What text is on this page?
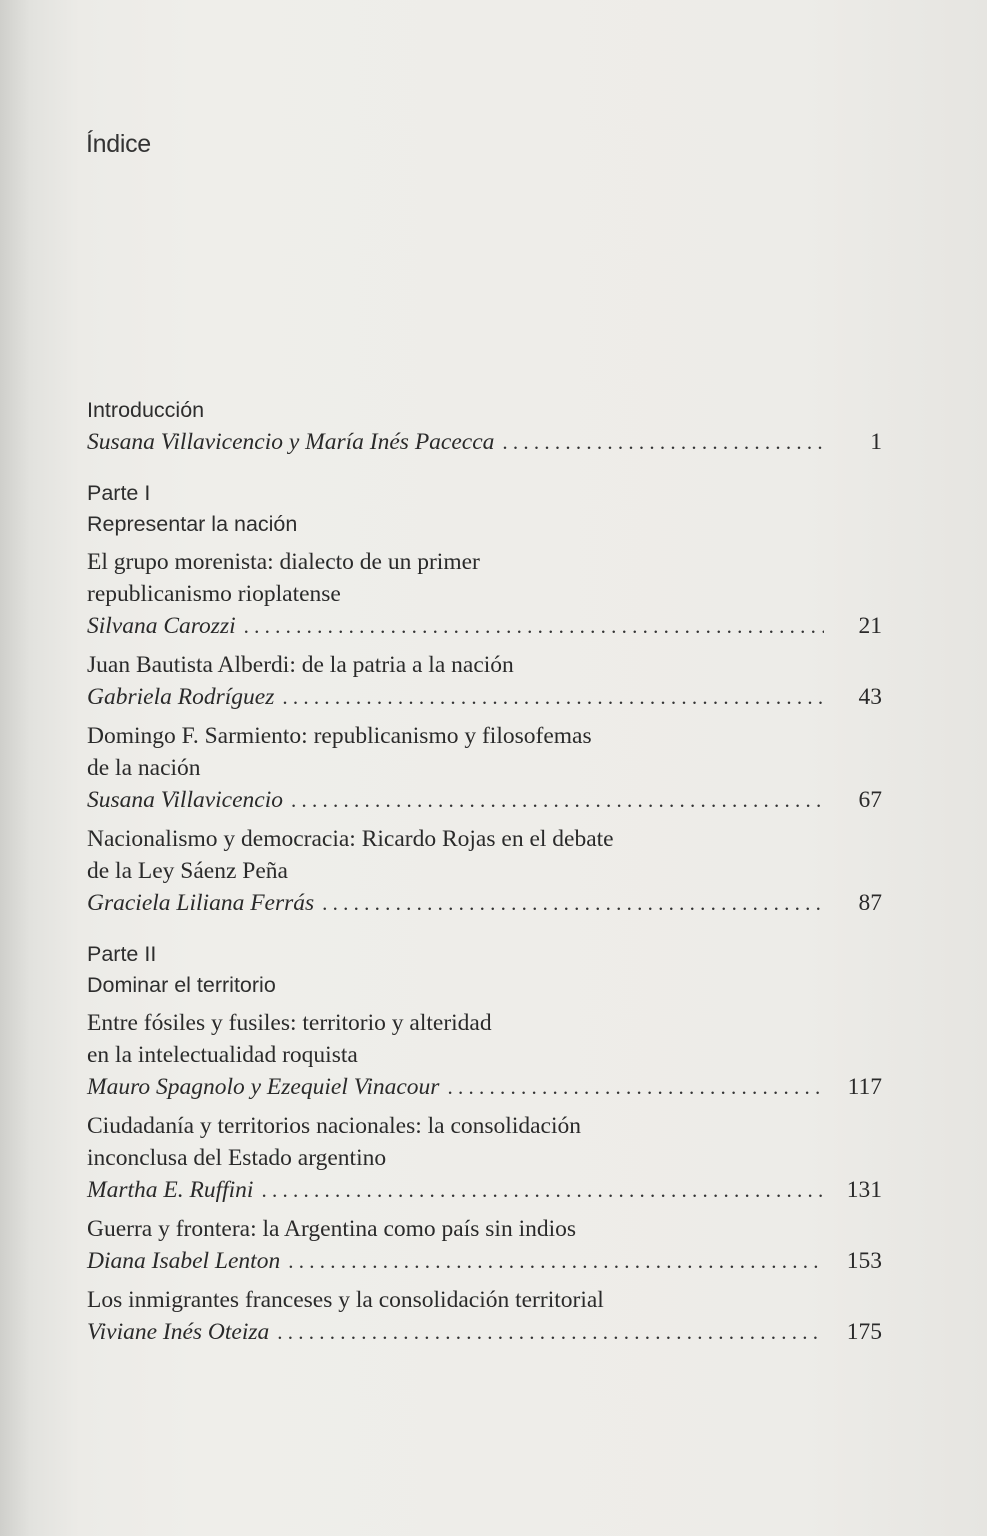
Índice
Introducción
Susana Villavicencio y María Inés Pacecca . . .	1
Parte I
Representar la nación
El grupo morenista: dialecto de un primer
republicanismo rioplatense
Silvana Carozzi . . .	21
Juan Bautista Alberdi: de la patria a la nación
Gabriela Rodríguez . . .	43
Domingo F. Sarmiento: republicanismo y filosofemas
de la nación
Susana Villavicencio . . .	67
Nacionalismo y democracia: Ricardo Rojas en el debate
de la Ley Sáenz Peña
Graciela Liliana Ferrás . . .	87
Parte II
Dominar el territorio
Entre fósiles y fusiles: territorio y alteridad
en la intelectualidad roquista
Mauro Spagnolo y Ezequiel Vinacour . . .	117
Ciudadanía y territorios nacionales: la consolidación
inconclusa del Estado argentino
Martha E. Ruffini . . .	131
Guerra y frontera: la Argentina como país sin indios
Diana Isabel Lenton . . .	153
Los inmigrantes franceses y la consolidación territorial
Viviane Inés Oteiza . . .	175
